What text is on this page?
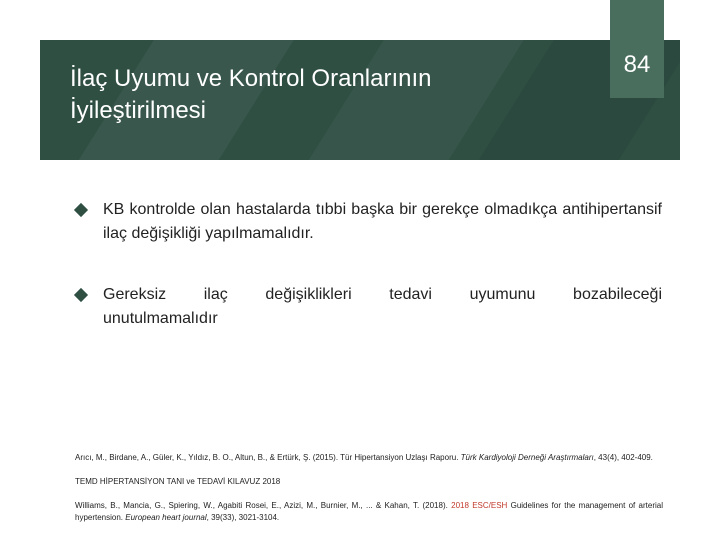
İlaç Uyumu ve Kontrol Oranlarının İyileştirilmesi
84
KB kontrolde olan hastalarda tıbbi başka bir gerekçe olmadıkça antihipertansif ilaç değişikliği yapılmamalıdır.
Gereksiz ilaç değişiklikleri tedavi uyumunu bozabileceği
unutulmamalıdır

Arıcı, M., Birdane, A., Güler, K., Yıldız, B. O., Altun, B., & Ertürk, Ş. (2015). Tür Hipertansiyon Uzlaşı Raporu. Türk Kardiyoloji Derneği Araştırmaları, 43(4), 402-409.

TEMD HİPERTANSİYON TANI ve TEDAVİ KILAVUZ 2018

Williams, B., Mancia, G., Spiering, W., Agabiti Rosei, E., Azizi, M., Burnier, M., ... & Kahan, T. (2018). 2018 ESC/ESH Guidelines for the management of arterial hypertension. European heart journal, 39(33), 3021-3104.
